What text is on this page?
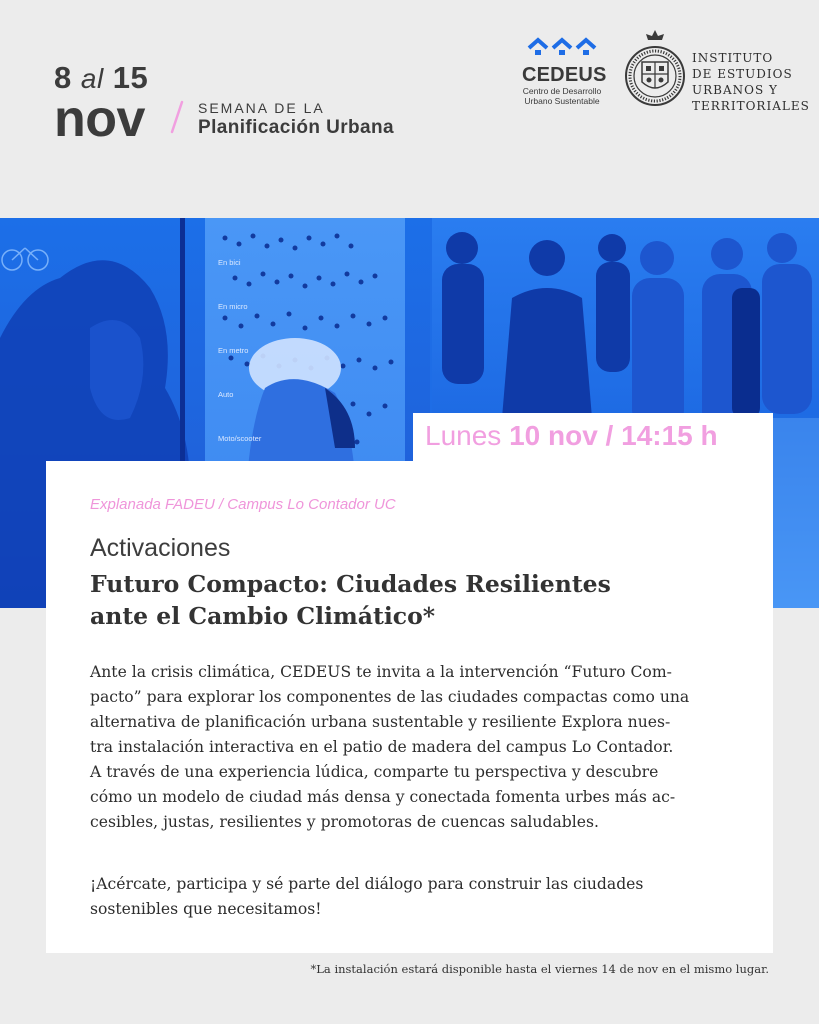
8 al 15
nov	SEMANA DE LA
Planificación Urbana
CEDEUS
Centro de Desarrollo
Urbano Sustentable
INSTITUTO
DE ESTUDIOS
URBANOS Y
TERRITORIALES
En bici
En micro
En metro
Auto
Moto/scooter	Lunes 10 nov / 14:15 h
Explanada FADEU / Campus Lo Contador UC
Activaciones
Futuro Compacto: Ciudades Resilientes
ante el Cambio Climático*

Ante la crisis climática, CEDEUS te invita a la intervención “Futuro Com-

pacto” para explorar los componentes de las ciudades compactas como una

alternativa de planificación urbana sustentable y resiliente Explora nues-

tra instalación interactiva en el patio de madera del campus Lo Contador.

A través de una experiencia lúdica, comparte tu perspectiva y descubre

cómo un modelo de ciudad más densa y conectada fomenta urbes más ac-

cesibles, justas, resilientes y promotoras de cuencas saludables.

¡Acércate, participa y sé parte del diálogo para construir las ciudades
sostenibles que necesitamos!
*La instalación estará disponible hasta el viernes 14 de nov en el mismo lugar.
